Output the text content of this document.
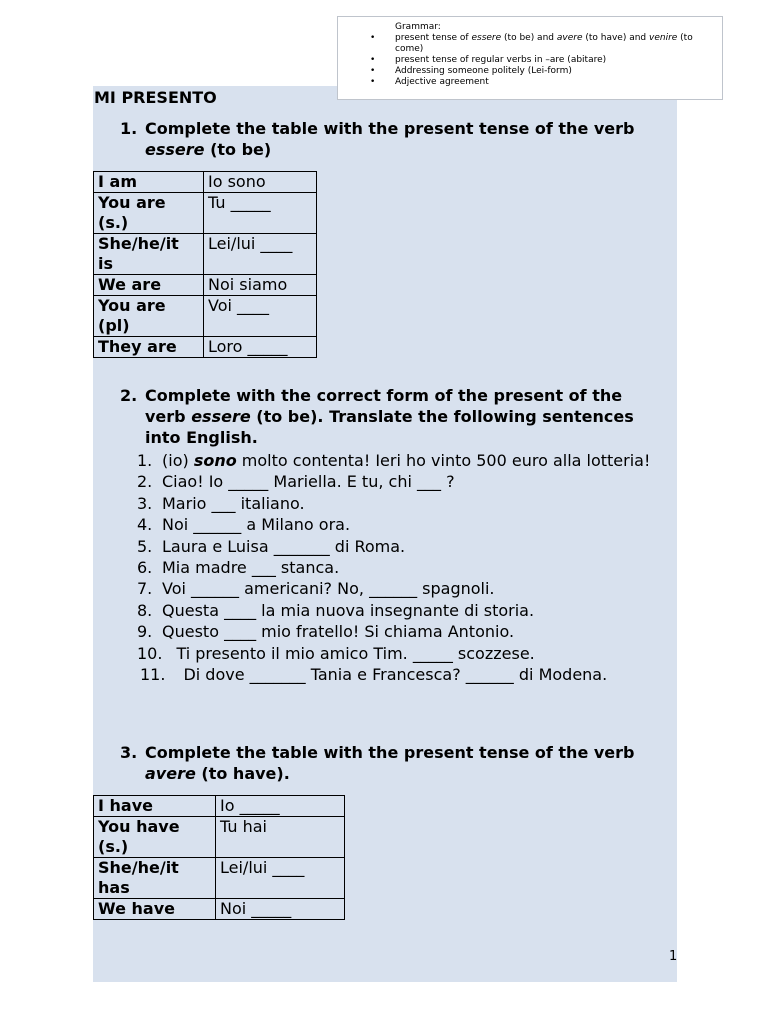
Grammar:
• present tense of essere (to be) and avere (to have) and venire (to come)
• present tense of regular verbs in –are (abitare)
• Addressing someone politely (Lei-form)
• Adjective agreement
MI PRESENTO
1. Complete the table with the present tense of the verb essere (to be)
I am	Io sono
You are (s.)	Tu _____
She/he/it is	Lei/lui ____
We are	Noi siamo
You are (pl)	Voi ____
They are	Loro _____
2. Complete with the correct form of the present of the verb essere (to be). Translate the following sentences into English.
1. (io) sono molto contenta! Ieri ho vinto 500 euro alla lotteria!
2. Ciao! Io _____ Mariella. E tu, chi ___ ?
3. Mario ___ italiano.
4. Noi ______ a Milano ora.
5. Laura e Luisa _______ di Roma.
6. Mia madre ___ stanca.
7. Voi ______ americani? No, ______ spagnoli.
8. Questa ____ la mia nuova insegnante di storia.
9. Questo ____ mio fratello! Si chiama Antonio.
10. Ti presento il mio amico Tim. _____ scozzese.
11. Di dove _______ Tania e Francesca? ______ di Modena.
3. Complete the table with the present tense of the verb avere (to have).
I have	Io _____
You have (s.)	Tu hai
She/he/it has	Lei/lui ____
We have	Noi _____
1
